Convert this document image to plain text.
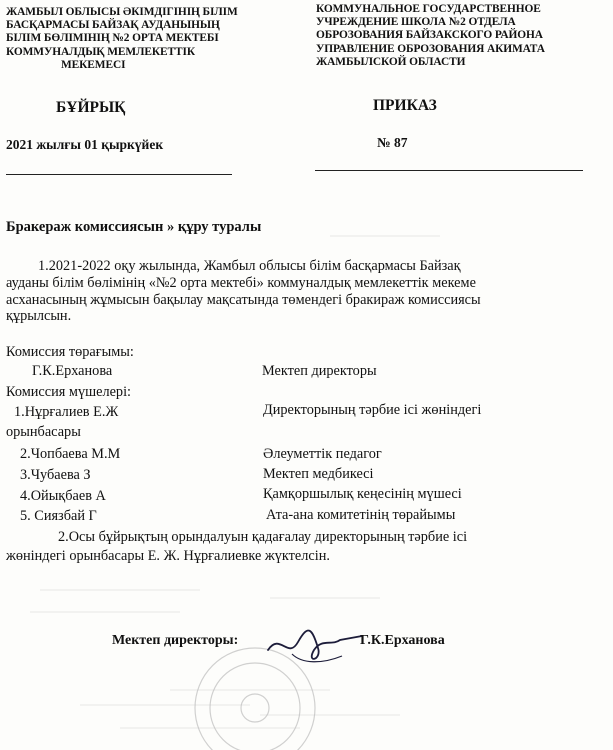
ЖАМБЫЛ ОБЛЫСЫ ӘКІМДІГІНІҢ БІЛІМ
БАСҚАРМАСЫ БАЙЗАҚ АУДАНЫНЫҢ
БІЛІМ БӨЛІМІНІҢ №2 ОРТА МЕКТЕБІ
КОММУНАЛДЫҚ МЕМЛЕКЕТТІК
МЕКЕМЕСІ
КОММУНАЛЬНОЕ ГОСУДАРСТВЕННОЕ
УЧРЕЖДЕНИЕ ШКОЛА №2 ОТДЕЛА
ОБРОЗОВАНИЯ БАЙЗАКСКОГО РАЙОНА
УПРАВЛЕНИЕ ОБРОЗОВАНИЯ АКИМАТА
ЖАМБЫЛСКОЙ ОБЛАСТИ
БҰЙРЫҚ	ПРИКАЗ
2021 жылғы 01 қыркүйек	№ 87
Бракераж комиссиясын » құру туралы
1.2021-2022 оқу жылында, Жамбыл облысы білім басқармасы Байзақ
ауданы білім бөлімінің «№2 орта мектебі» коммуналдық мемлекеттік мекеме
асханасының жұмысын бақылау мақсатында төмендегі бракираж комиссиясы
құрылсын.
Комиссия төрағымы:
Г.К.Ерханова	Мектеп директоры
Комиссия мүшелері:
1.Нұрғалиев Е.Ж	Директорының тәрбие ісі жөніндегі
орынбасары
2.Чопбаева М.М	Әлеуметтік педагог
3.Чубаева З	Мектеп медбикесі
4.Ойықбаев А	Қамқоршылық кеңесінің мүшесі
5. Сиязбай Г	Ата-ана комитетінің төрайымы
2.Осы бұйрықтың орындалуын қадағалау директорының тәрбие ісі
жөніндегі орынбасары Е. Ж. Нұрғалиевке жүктелсін.
Мектеп директоры:	Г.К.Ерханова
